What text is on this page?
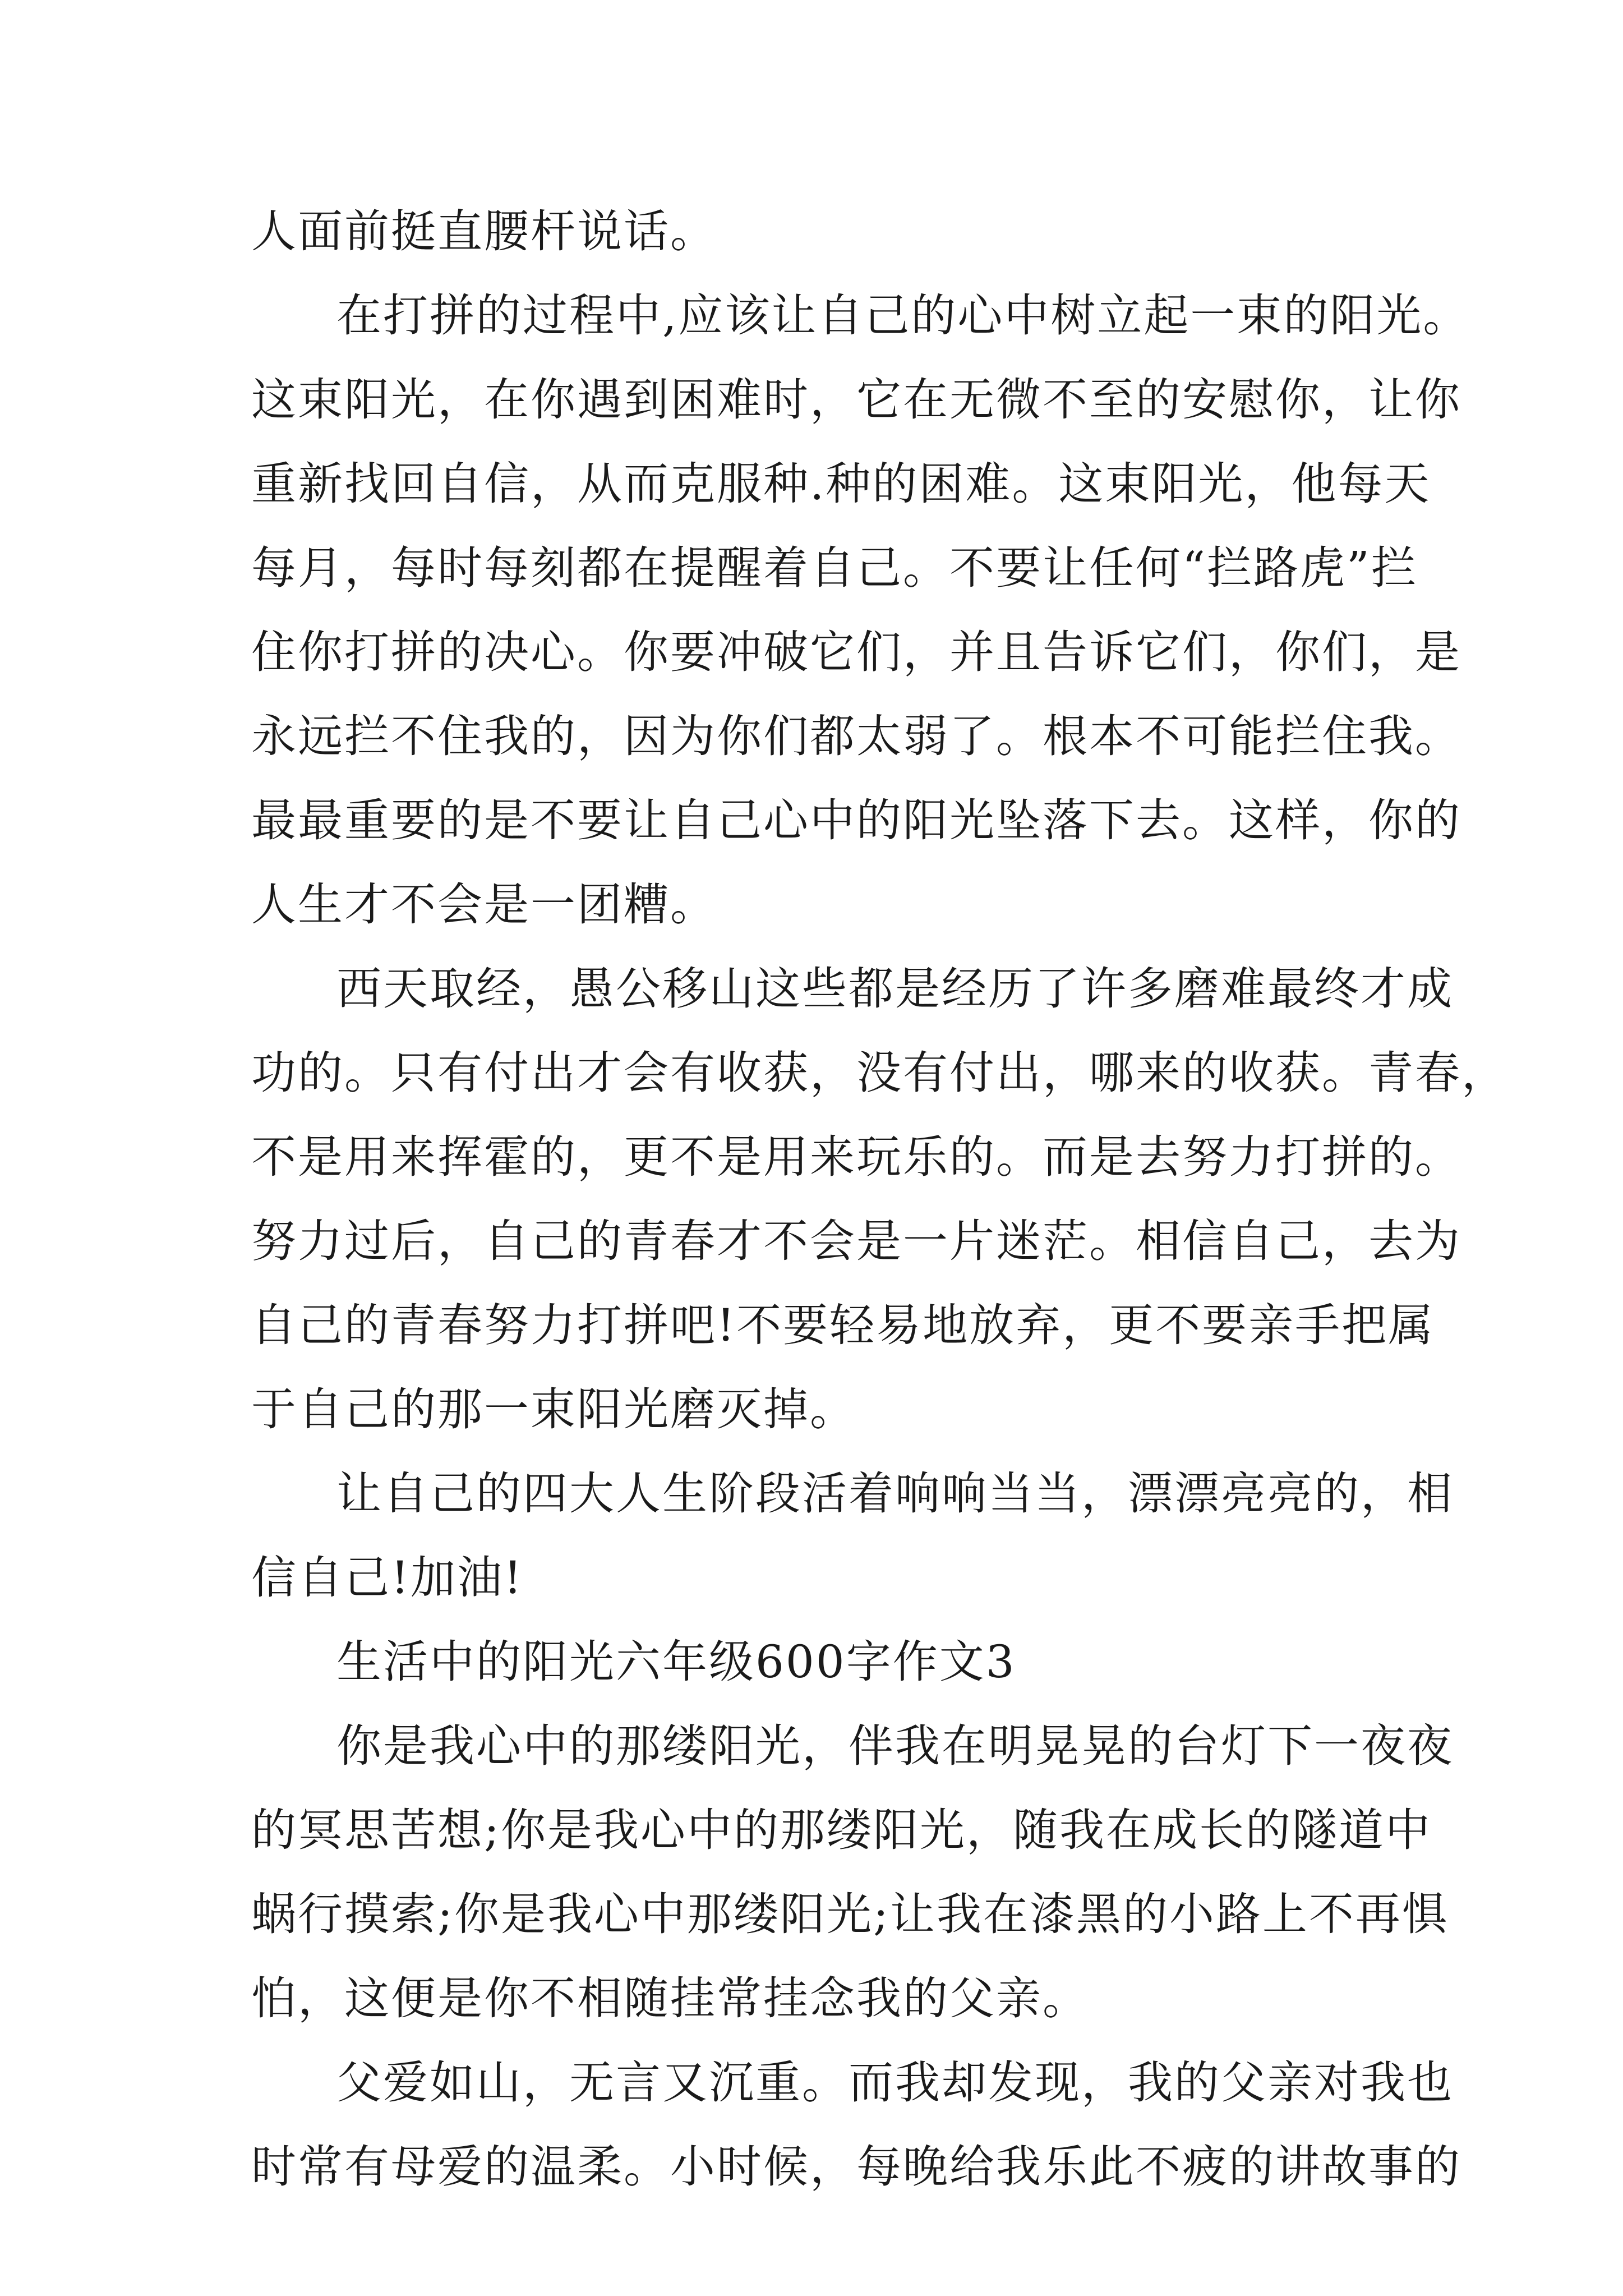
人面前挺直腰杆说话。
在打拼的过程中,应该让自己的心中树立起一束的阳光。
这束阳光，在你遇到困难时，它在无微不至的安慰你，让你
重新找回自信，从而克服种.种的困难。这束阳光，他每天
每月，每时每刻都在提醒着自己。不要让任何“拦路虎”拦
住你打拼的决心。你要冲破它们，并且告诉它们，你们，是
永远拦不住我的，因为你们都太弱了。根本不可能拦住我。
最最重要的是不要让自己心中的阳光坠落下去。这样，你的
人生才不会是一团糟。
西天取经，愚公移山这些都是经历了许多磨难最终才成
功的。只有付出才会有收获，没有付出，哪来的收获。青春，
不是用来挥霍的，更不是用来玩乐的。而是去努力打拼的。
努力过后，自己的青春才不会是一片迷茫。相信自己，去为
自己的青春努力打拼吧!不要轻易地放弃，更不要亲手把属
于自己的那一束阳光磨灭掉。
让自己的四大人生阶段活着响响当当，漂漂亮亮的，相
信自己!加油!
生活中的阳光六年级600字作文3
你是我心中的那缕阳光，伴我在明晃晃的台灯下一夜夜
的冥思苦想;你是我心中的那缕阳光，随我在成长的隧道中
蜗行摸索;你是我心中那缕阳光;让我在漆黑的小路上不再惧
怕，这便是你不相随挂常挂念我的父亲。
父爱如山，无言又沉重。而我却发现，我的父亲对我也
时常有母爱的温柔。小时候，每晚给我乐此不疲的讲故事的
